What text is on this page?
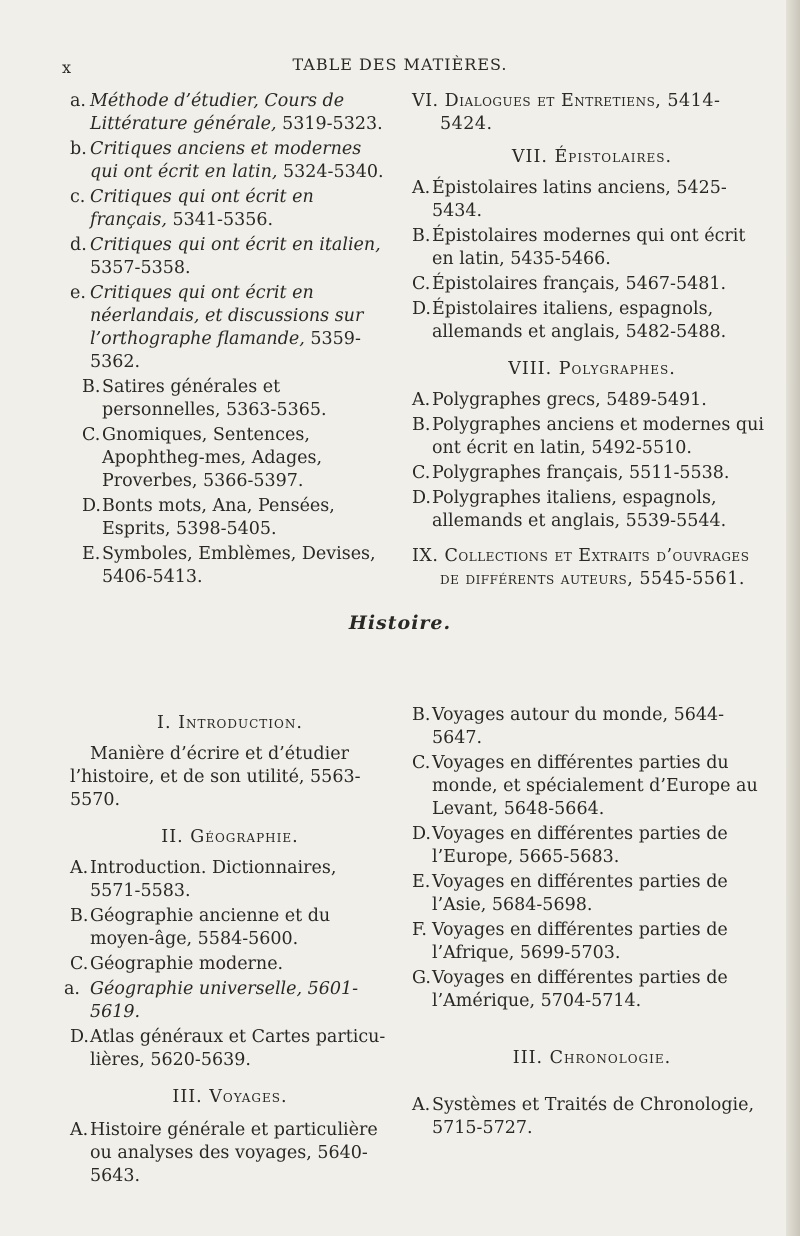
x	TABLE DES MATIÈRES.
a. Méthode d’étudier, Cours de Littérature générale, 5319-5323.
b. Critiques anciens et modernes qui ont écrit en latin, 5324-5340.
c. Critiques qui ont écrit en français, 5341-5356.
d. Critiques qui ont écrit en italien, 5357-5358.
e. Critiques qui ont écrit en néerlandais, et discussions sur l’orthographe flamande, 5359-5362.
B. Satires générales et personnelles, 5363-5365.
C. Gnomiques, Sentences, Apophtheg-mes, Adages, Proverbes, 5366-5397.
D. Bonts mots, Ana, Pensées, Esprits, 5398-5405.
E. Symboles, Emblèmes, Devises, 5406-5413.
VI. Dialogues et Entretiens, 5414-5424.
VII. Épistolaires.
A. Épistolaires latins anciens, 5425-5434.
B. Épistolaires modernes qui ont écrit en latin, 5435-5466.
C. Épistolaires français, 5467-5481.
D. Épistolaires italiens, espagnols, allemands et anglais, 5482-5488.
VIII. Polygraphes.
A. Polygraphes grecs, 5489-5491.
B. Polygraphes anciens et modernes qui ont écrit en latin, 5492-5510.
C. Polygraphes français, 5511-5538.
D. Polygraphes italiens, espagnols, allemands et anglais, 5539-5544.
IX. Collections et Extraits d’ouvrages de différents auteurs, 5545-5561.
Histoire.
I. Introduction.
Manière d’écrire et d’étudier l’histoire, et de son utilité, 5563-5570.
II. Géographie.
A. Introduction. Dictionnaires, 5571-5583.
B. Géographie ancienne et du moyen-âge, 5584-5600.
C. Géographie moderne.
a. Géographie universelle, 5601-5619.
D. Atlas généraux et Cartes particu-lières, 5620-5639.
III. Voyages.
A. Histoire générale et particulière ou analyses des voyages, 5640-5643.
B. Voyages autour du monde, 5644-5647.
C. Voyages en différentes parties du monde, et spécialement d’Europe au Levant, 5648-5664.
D. Voyages en différentes parties de l’Europe, 5665-5683.
E. Voyages en différentes parties de l’Asie, 5684-5698.
F. Voyages en différentes parties de l’Afrique, 5699-5703.
G. Voyages en différentes parties de l’Amérique, 5704-5714.
III. Chronologie.
A. Systèmes et Traités de Chronologie, 5715-5727.
